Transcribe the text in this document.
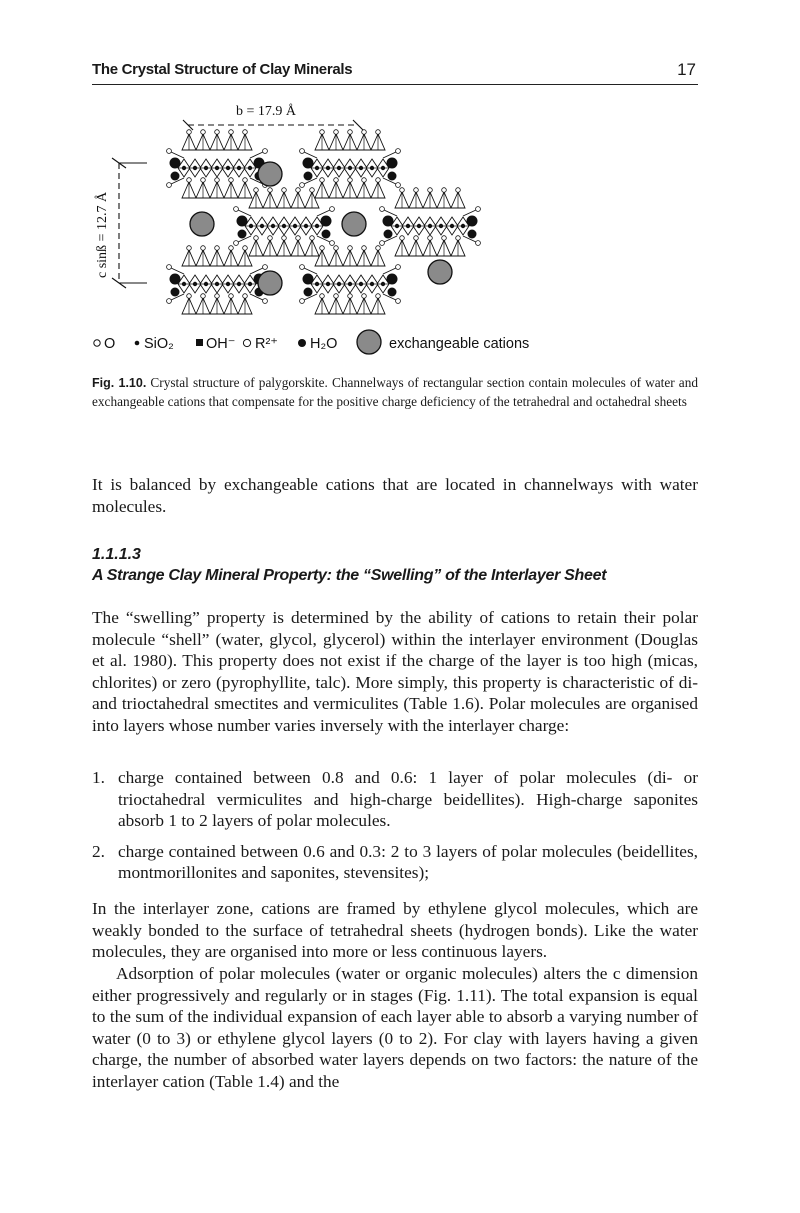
The Crystal Structure of Clay Minerals	17
b = 17.9 Å
c sinß = 12.7 Å
O SiO₂ OH⁻ R²⁺ H₂O	exchangeable cations
Fig. 1.10. Crystal structure of palygorskite. Channelways of rectangular section contain molecules of water and exchangeable cations that compensate for the positive charge deficiency of the tetrahedral and octahedral sheets
It is balanced by exchangeable cations that are located in channelways with water molecules.
1.1.1.3
A Strange Clay Mineral Property: the “Swelling” of the Interlayer Sheet
The “swelling” property is determined by the ability of cations to retain their polar molecule “shell” (water, glycol, glycerol) within the interlayer environment (Douglas et al. 1980). This property does not exist if the charge of the layer is too high (micas, chlorites) or zero (pyrophyllite, talc). More simply, this property is characteristic of di- and trioctahedral smectites and vermiculites (Table 1.6). Polar molecules are organised into layers whose number varies inversely with the interlayer charge:
1. charge contained between 0.8 and 0.6: 1 layer of polar molecules (di- or trioctahedral vermiculites and high-charge beidellites). High-charge saponites absorb 1 to 2 layers of polar molecules.
2. charge contained between 0.6 and 0.3: 2 to 3 layers of polar molecules (beidellites, montmorillonites and saponites, stevensites);
In the interlayer zone, cations are framed by ethylene glycol molecules, which are weakly bonded to the surface of tetrahedral sheets (hydrogen bonds). Like the water molecules, they are organised into more or less continuous layers.
Adsorption of polar molecules (water or organic molecules) alters the c dimension either progressively and regularly or in stages (Fig. 1.11). The total expansion is equal to the sum of the individual expansion of each layer able to absorb a varying number of water (0 to 3) or ethylene glycol layers (0 to 2). For clay with layers having a given charge, the number of absorbed water layers depends on two factors: the nature of the interlayer cation (Table 1.4) and the
